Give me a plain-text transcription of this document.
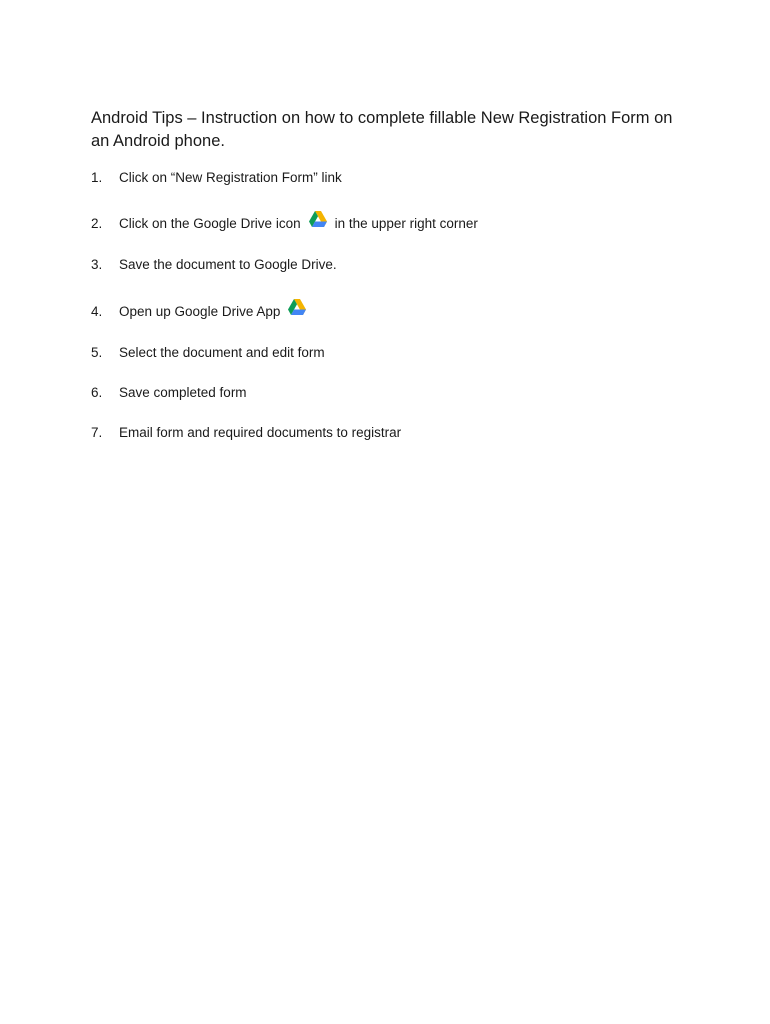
Android Tips – Instruction on how to complete fillable New Registration Form on an Android phone.
1.	Click on “New Registration Form” link
2.	Click on the Google Drive icon	in the upper right corner
3.	Save the document to Google Drive.
4.	Open up Google Drive App
5.	Select the document and edit form
6.	Save completed form
7.	Email form and required documents to registrar
